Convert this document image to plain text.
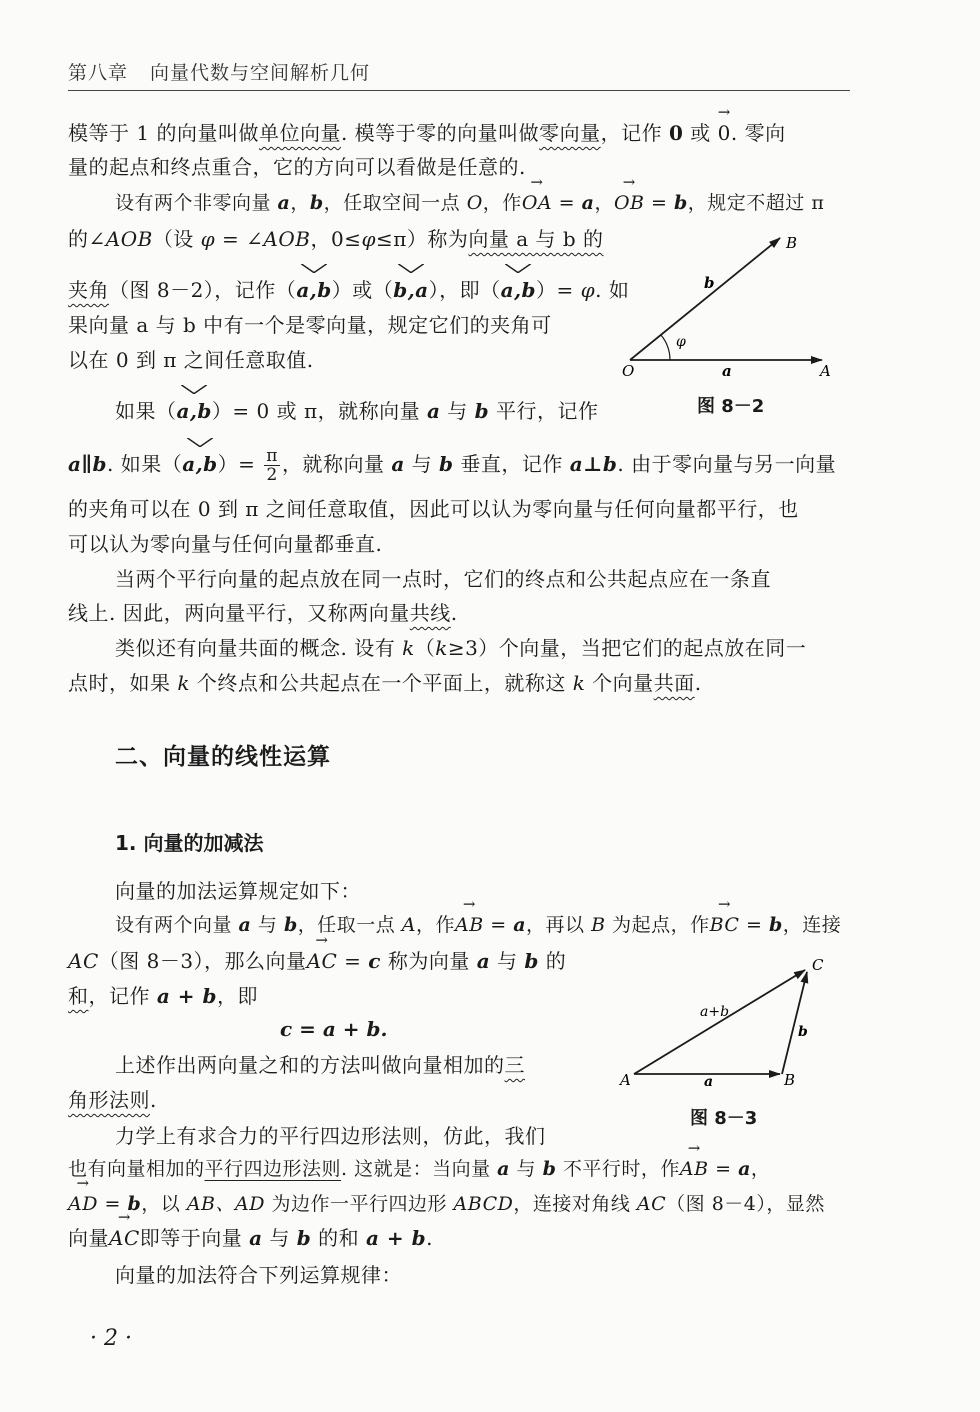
第八章 向量代数与空间解析几何
模等于 1 的向量叫做单位向量. 模等于零的向量叫做零向量，记作 0 或 → 0. 零向
量的起点和终点重合，它的方向可以看做是任意的.
设有两个非零向量 a，b，任取空间一点 O，作→ OA = a，→ OB = b，规定不超过 π
的∠AOB（设 φ = ∠AOB，0≤φ≤π）称为向量 a 与 b 的
夹角（图 8－2），记作（a,b）或（b,a），即（a,b）= φ. 如
果向量 a 与 b 中有一个是零向量，规定它们的夹角可
以在 0 到 π 之间任意取值.
B
O	A
a
b
φ
图 8－2
如果（a,b）= 0 或 π，就称向量 a 与 b 平行，记作
a∥b. 如果$(a,b)= \frac{\pi}{2}$ ，就称向量 a 与 b 垂直，记作 a⊥b. 由于零向量与另一向量
的夹角可以在 0 到 π 之间任意取值，因此可以认为零向量与任何向量都平行，也
可以认为零向量与任何向量都垂直.
当两个平行向量的起点放在同一点时，它们的终点和公共起点应在一条直
线上. 因此，两向量平行，又称两向量共线.
类似还有向量共面的概念. 设有 k（k≥3）个向量，当把它们的起点放在同一
点时，如果 k 个终点和公共起点在一个平面上，就称这 k 个向量共面.
二、向量的线性运算
1. 向量的加减法
向量的加法运算规定如下：
设有两个向量 a 与 b，任取一点 A，作→ AB = a，再以 B 为起点，作→ BC = b，连接
AC（图 8－3），那么向量→ AC = c 称为向量 a 与 b 的
和，记作 a + b，即
c = a + b.
A	B
C
a
b
a+b
图 8－3
上述作出两向量之和的方法叫做向量相加的三
角形法则.
力学上有求合力的平行四边形法则，仿此，我们
也有向量相加的平行四边形法则. 这就是：当向量 a 与 b 不平行时，作→ AB = a，
→ AD = b，以 AB、AD 为边作一平行四边形 ABCD，连接对角线 AC（图 8－4），显然
向量→ AC即等于向量 a 与 b 的和 a + b.
向量的加法符合下列运算规律：
· 2 ·
